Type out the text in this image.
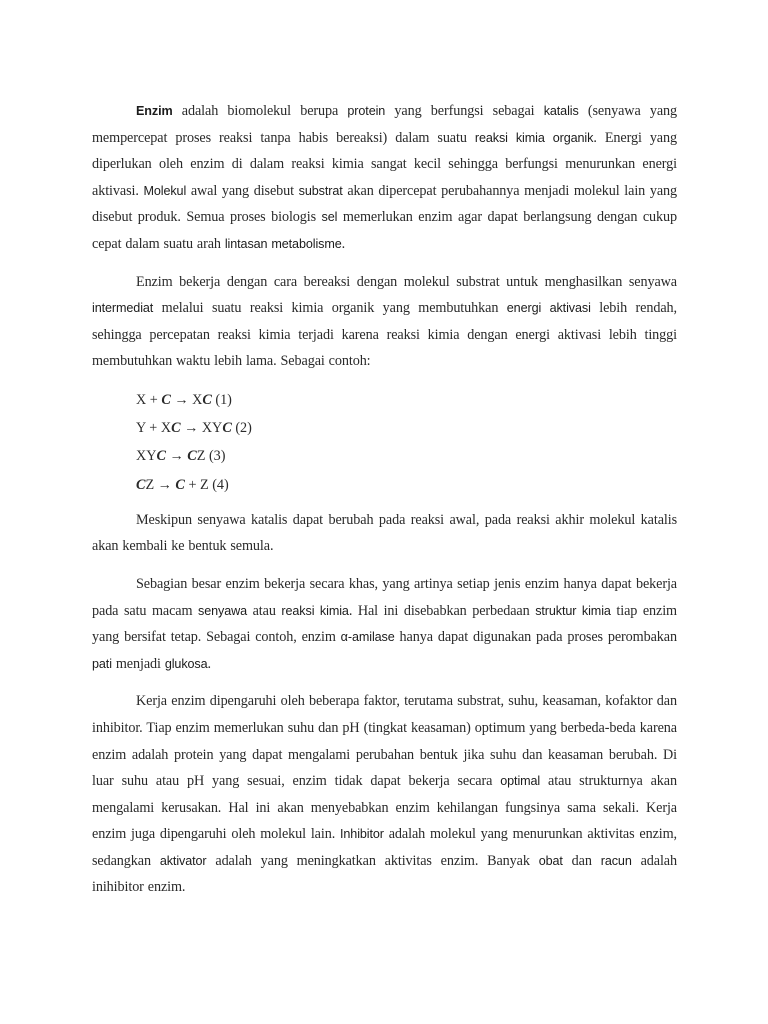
Enzim adalah biomolekul berupa protein yang berfungsi sebagai katalis (senyawa yang mempercepat proses reaksi tanpa habis bereaksi) dalam suatu reaksi kimia organik. Energi yang diperlukan oleh enzim di dalam reaksi kimia sangat kecil sehingga berfungsi menurunkan energi aktivasi. Molekul awal yang disebut substrat akan dipercepat perubahannya menjadi molekul lain yang disebut produk. Semua proses biologis sel memerlukan enzim agar dapat berlangsung dengan cukup cepat dalam suatu arah lintasan metabolisme.

Enzim bekerja dengan cara bereaksi dengan molekul substrat untuk menghasilkan senyawa intermediat melalui suatu reaksi kimia organik yang membutuhkan energi aktivasi lebih rendah, sehingga percepatan reaksi kimia terjadi karena reaksi kimia dengan energi aktivasi lebih tinggi membutuhkan waktu lebih lama. Sebagai contoh:

X + C → XC (1)

Y + XC → XYC (2)

XYC → CZ (3)

CZ → C + Z (4)

Meskipun senyawa katalis dapat berubah pada reaksi awal, pada reaksi akhir molekul katalis akan kembali ke bentuk semula.

Sebagian besar enzim bekerja secara khas, yang artinya setiap jenis enzim hanya dapat bekerja pada satu macam senyawa atau reaksi kimia. Hal ini disebabkan perbedaan struktur kimia tiap enzim yang bersifat tetap. Sebagai contoh, enzim α-amilase hanya dapat digunakan pada proses perombakan pati menjadi glukosa.

Kerja enzim dipengaruhi oleh beberapa faktor, terutama substrat, suhu, keasaman, kofaktor dan inhibitor. Tiap enzim memerlukan suhu dan pH (tingkat keasaman) optimum yang berbeda-beda karena enzim adalah protein yang dapat mengalami perubahan bentuk jika suhu dan keasaman berubah. Di luar suhu atau pH yang sesuai, enzim tidak dapat bekerja secara optimal atau strukturnya akan mengalami kerusakan. Hal ini akan menyebabkan enzim kehilangan fungsinya sama sekali. Kerja enzim juga dipengaruhi oleh molekul lain. Inhibitor adalah molekul yang menurunkan aktivitas enzim, sedangkan aktivator adalah yang meningkatkan aktivitas enzim. Banyak obat dan racun adalah inihibitor enzim.
